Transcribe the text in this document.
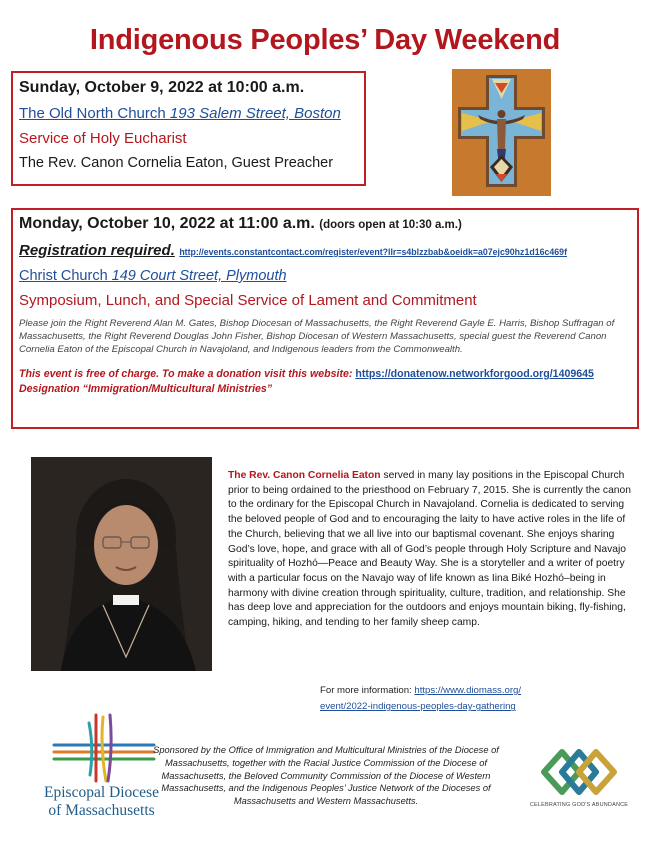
Indigenous Peoples’ Day Weekend
Sunday, October 9, 2022 at 10:00 a.m.
The Old North Church 193 Salem Street, Boston
Service of Holy Eucharist
The Rev. Canon Cornelia Eaton, Guest Preacher
Monday, October 10, 2022 at 11:00 a.m. (doors open at 10:30 a.m.)
Registration required. http://events.constantcontact.com/register/event?llr=s4blzzbab&oeidk=a07ejc90hz1d16c469f
Christ Church 149 Court Street, Plymouth
Symposium, Lunch, and Special Service of Lament and Commitment
Please join the Right Reverend Alan M. Gates, Bishop Diocesan of Massachusetts, the Right Reverend Gayle E. Harris, Bishop Suffragan of Massachusetts, the Right Reverend Douglas John Fisher, Bishop Diocesan of Western Massachusetts, special guest the Reverend Canon Cornelia Eaton of the Episcopal Church in Navajoland, and Indigenous leaders from the Commonwealth.
This event is free of charge. To make a donation visit this website: https://donatenow.networkforgood.org/1409645
Designation “Immigration/Multicultural Ministries”
The Rev. Canon Cornelia Eaton served in many lay positions in the Episcopal Church prior to being ordained to the priesthood on February 7, 2015. She is currently the canon to the ordinary for the Episcopal Church in Navajoland. Cornelia is dedicated to serving the beloved people of God and to encouraging the laity to have active roles in the life of the Church, believing that we all live into our baptismal covenant. She enjoys sharing God’s love, hope, and grace with all of God’s people through Holy Scripture and Navajo spirituality of Hozhó—Peace and Beauty Way. She is a storyteller and a writer of poetry with a particular focus on the Navajo way of life known as Iina Biké Hozhó–being in harmony with divine creation through spirituality, culture, tradition, and relationship. She has deep love and appreciation for the outdoors and enjoys mountain biking, fly-fishing, camping, hiking, and tending to her family sheep camp.
For more information: https://www.diomass.org/
event/2022-indigenous-peoples-day-gathering
Episcopal Diocese
of Massachusetts
Sponsored by the Office of Immigration and Multicultural Ministries of the Diocese of Massachusetts, together with the Racial Justice Commission of the Diocese of Massachusetts, the Beloved Community Commission of the Diocese of Western Massachusetts, and the Indigenous Peoples’ Justice Network of the Dioceses of Massachusetts and Western Massachusetts.	CELEBRATING GOD'S ABUNDANCE
